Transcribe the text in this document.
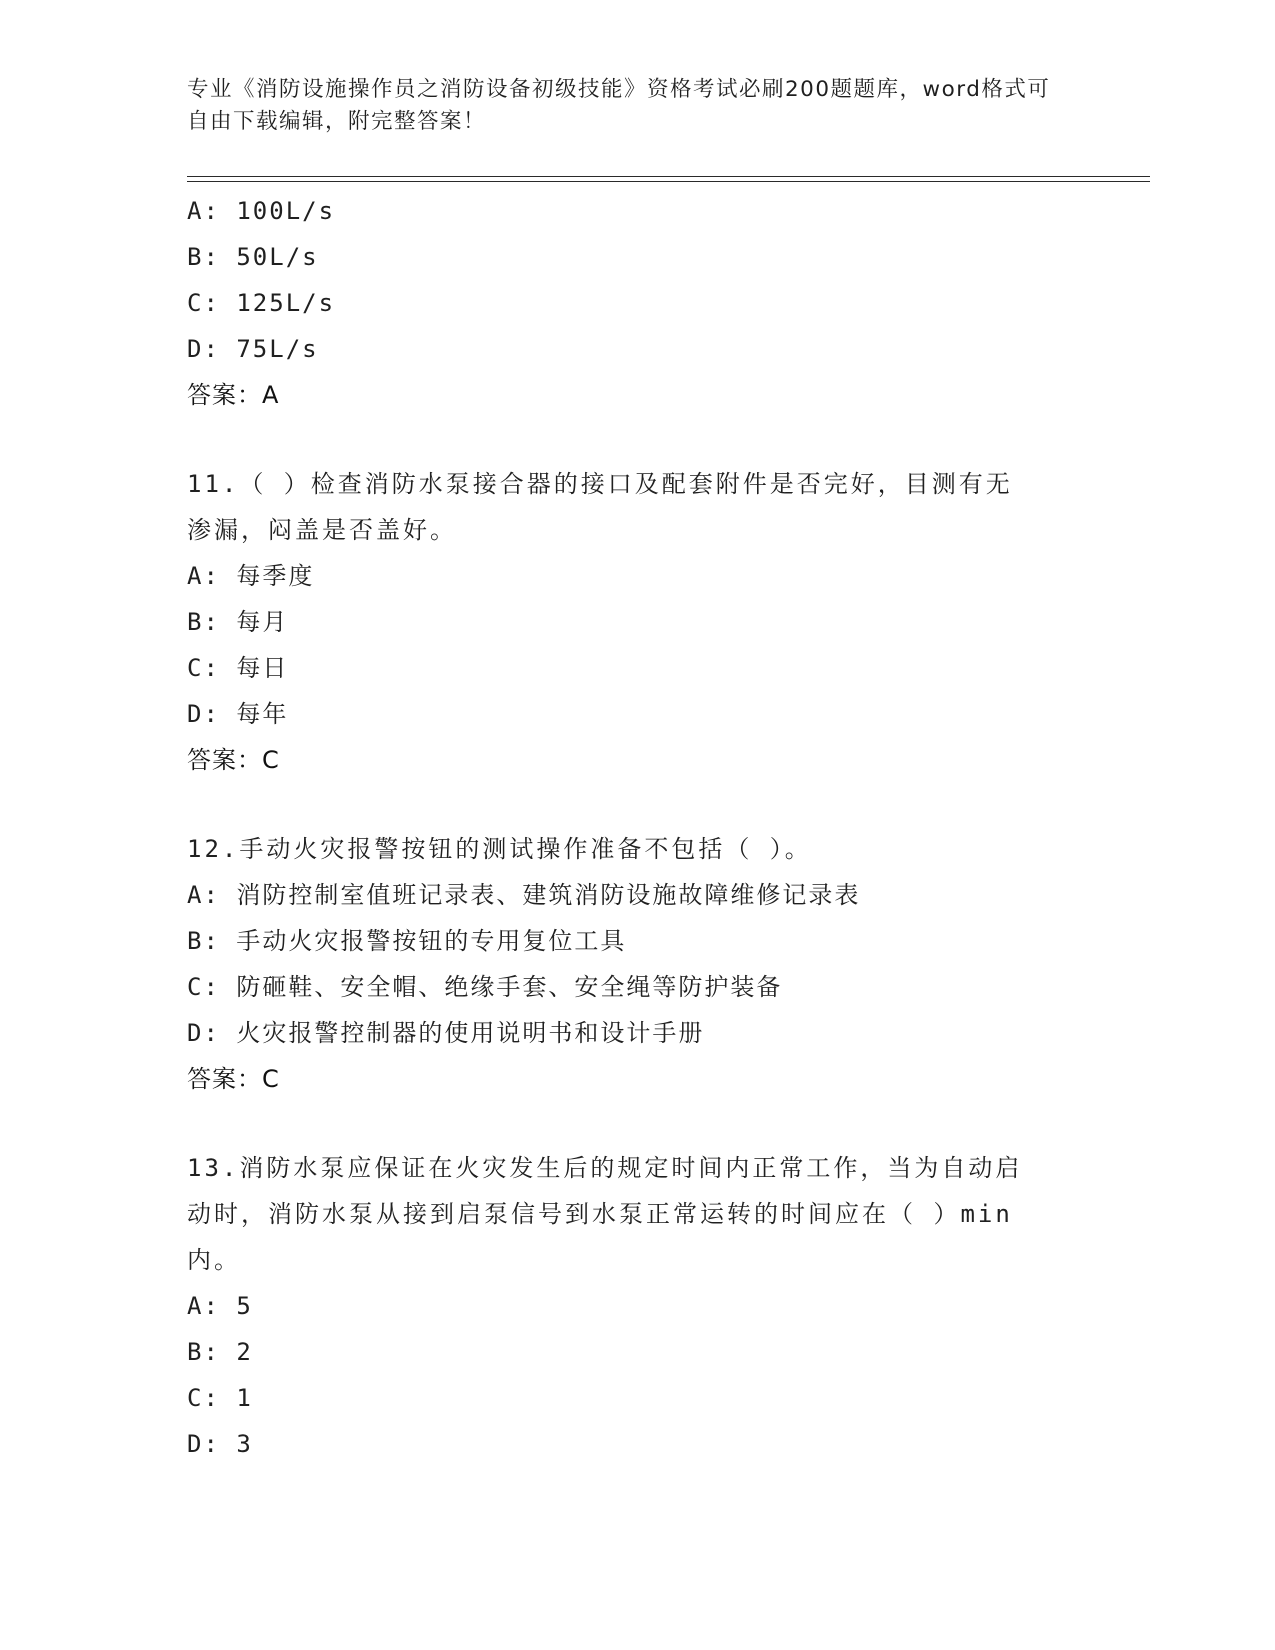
专业《消防设施操作员之消防设备初级技能》资格考试必刷200题题库，word格式可自由下载编辑，附完整答案！
A: 100L/s
B: 50L/s
C: 125L/s
D: 75L/s
答案：A
11.（ ）检查消防水泵接合器的接口及配套附件是否完好，目测有无
渗漏，闷盖是否盖好。
A: 每季度
B: 每月
C: 每日
D: 每年
答案：C
12.手动火灾报警按钮的测试操作准备不包括（ ）。
A: 消防控制室值班记录表、建筑消防设施故障维修记录表
B: 手动火灾报警按钮的专用复位工具
C: 防砸鞋、安全帽、绝缘手套、安全绳等防护装备
D: 火灾报警控制器的使用说明书和设计手册
答案：C
13.消防水泵应保证在火灾发生后的规定时间内正常工作，当为自动启
动时，消防水泵从接到启泵信号到水泵正常运转的时间应在（ ）min
内。
A: 5
B: 2
C: 1
D: 3
